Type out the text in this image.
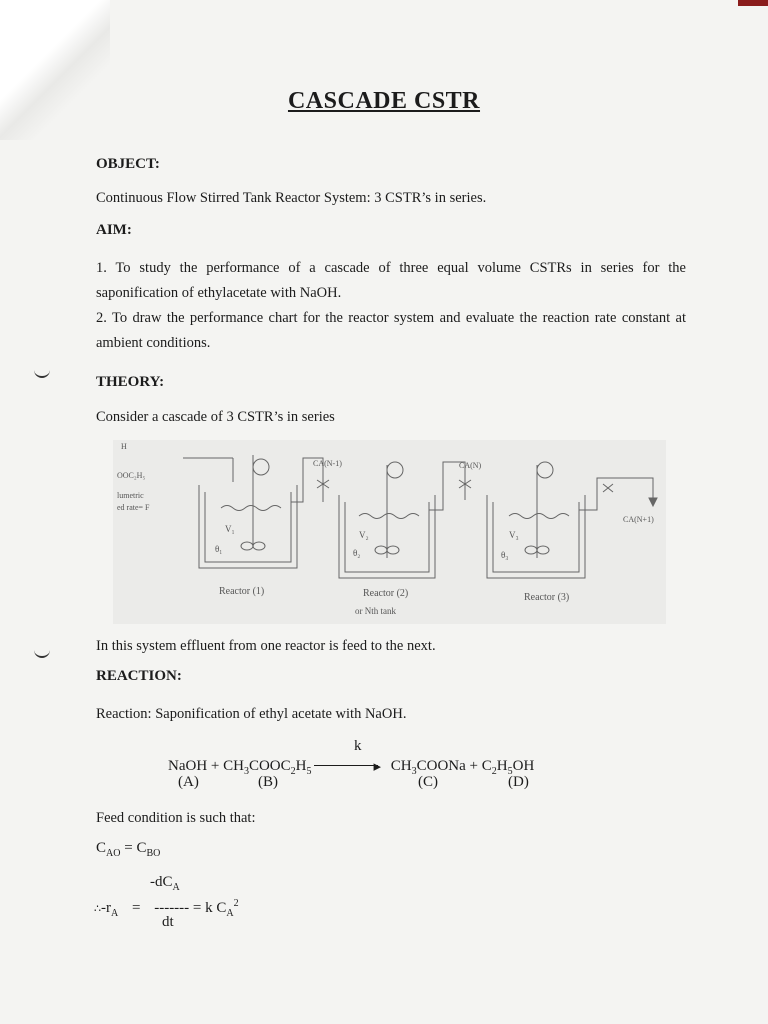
CASCADE CSTR
OBJECT:
Continuous Flow Stirred Tank Reactor System: 3 CSTR’s in series.
AIM:
1. To study the performance of a cascade of three equal volume CSTRs in series for the saponification of ethylacetate with NaOH.
2. To draw the performance chart for the reactor system and evaluate the reaction rate constant at ambient conditions.
THEORY:
Consider a cascade of 3 CSTR’s in series
H
OOC₂H₅
lumetric
ed rate= F
CA(N-1)	CA(N)
CA(N+1)
V₁
θ₁
V₂
θ₂
V₃
θ₃
Reactor (1)	Reactor (2)
or Nth tank
Reactor (3)
In this system effluent from one reactor is feed to the next.
REACTION:
Reaction: Saponification of ethyl acetate with NaOH.
k
NaOH + $CH_3COOC_2H_5$	▸ $CH_3COONa + C_2H_5OH$
(A)	(B)	(C)	(D)
Feed condition is such that:
$C_{AO} = C_{BO}$
$-dC_A$
$\therefore-r_A$ = ------- = k $C_A^2$
dt
